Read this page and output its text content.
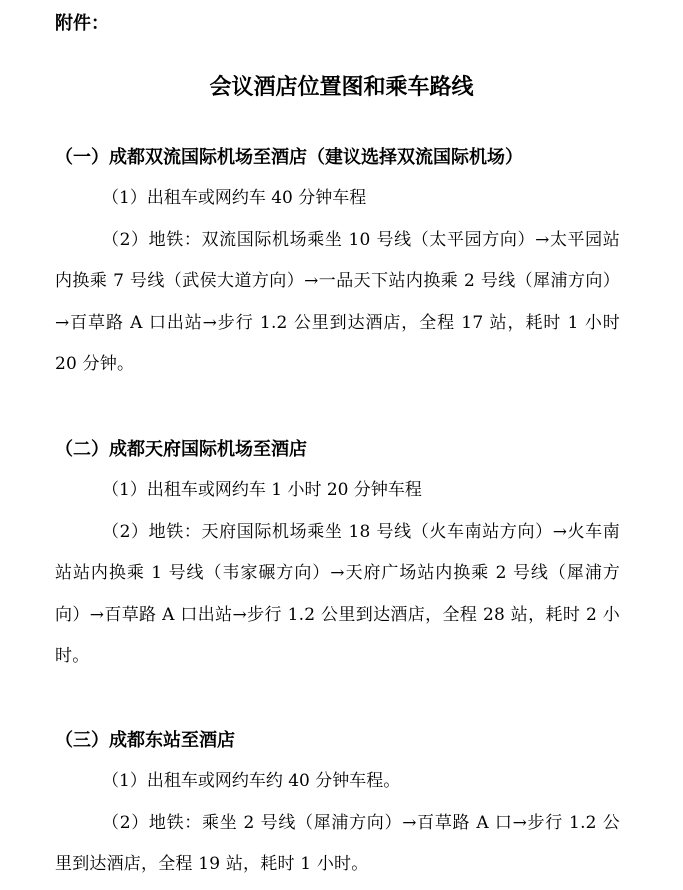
附件：
会议酒店位置图和乘车路线
（一）成都双流国际机场至酒店（建议选择双流国际机场）

（1）出租车或网约车 40 分钟车程

（2）地铁：双流国际机场乘坐 10 号线（太平园方向）→太平园站内换乘 7 号线（武侯大道方向）→一品天下站内换乘 2 号线（犀浦方向）→百草路 A 口出站→步行 1.2 公里到达酒店，全程 17 站，耗时 1 小时 20 分钟。

（二）成都天府国际机场至酒店

（1）出租车或网约车 1 小时 20 分钟车程

（2）地铁：天府国际机场乘坐 18 号线（火车南站方向）→火车南站站内换乘 1 号线（韦家碾方向）→天府广场站内换乘 2 号线（犀浦方向）→百草路 A 口出站→步行 1.2 公里到达酒店，全程 28 站，耗时 2 小时。

（三）成都东站至酒店

（1）出租车或网约车约 40 分钟车程。

（2）地铁：乘坐 2 号线（犀浦方向）→百草路 A 口→步行 1.2 公里到达酒店，全程 19 站，耗时 1 小时。
